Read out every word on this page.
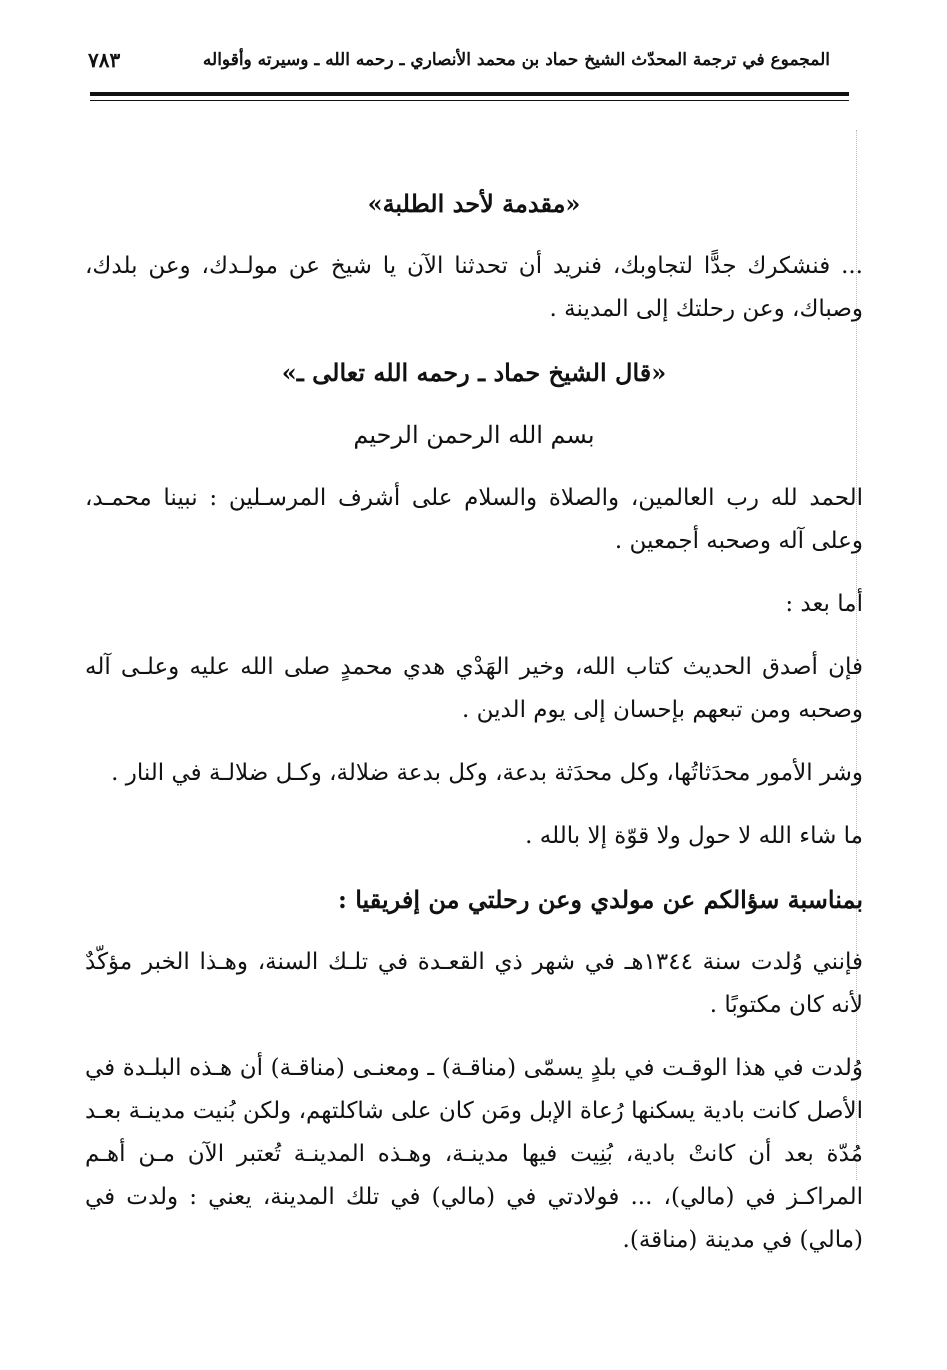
المجموع في ترجمة المحدّث الشيخ حماد بن محمد الأنصاري ـ رحمه الله ـ وسيرته وأقواله
٧٨٣

«مقدمة لأحد الطلبة»

... فنشكرك جدًّا لتجاوبك، فنريد أن تحدثنا الآن يا شيخ عن مولـدك، وعن بلدك، وصباك، وعن رحلتك إلى المدينة .

«قال الشيخ حماد ـ رحمه الله تعالى ـ»

بسم الله الرحمن الرحيم

الحمد لله رب العالمين، والصلاة والسلام على أشرف المرسـلين : نبينا محمـد، وعلى آله وصحبه أجمعين .

أما بعد :

فإن أصدق الحديث كتاب الله، وخير الهَدْي هدي محمدٍ صلى الله عليه وعلـى آله وصحبه ومن تبعهم بإحسان إلى يوم الدين .

وشر الأمور محدَثاتُها، وكل محدَثة بدعة، وكل بدعة ضلالة، وكـل ضلالـة في النار .

ما شاء الله لا حول ولا قوّة إلا بالله .

بمناسبة سؤالكم عن مولدي وعن رحلتي من إفريقيا :

فإنني وُلدت سنة ١٣٤٤هـ في شهر ذي القعـدة في تلـك السنة، وهـذا الخبر مؤكّدٌ لأنه كان مكتوبًا .

وُلدت في هذا الوقـت في بلدٍ يسمّى (مناقـة) ـ ومعنـى (مناقـة) أن هـذه البلـدة في الأصل كانت بادية يسكنها رُعاة الإبل ومَن كان على شاكلتهم، ولكن بُنيت مدينـة بعـد مُدّة بعد أن كانتْ بادية، بُنِيت فيها مدينـة، وهـذه المدينـة تُعتبر الآن مـن أهـم المراكـز في (مالي)، ... فولادتي في (مالي) في تلك المدينة، يعني : ولدت في (مالي) في مدينة (مناقة).
